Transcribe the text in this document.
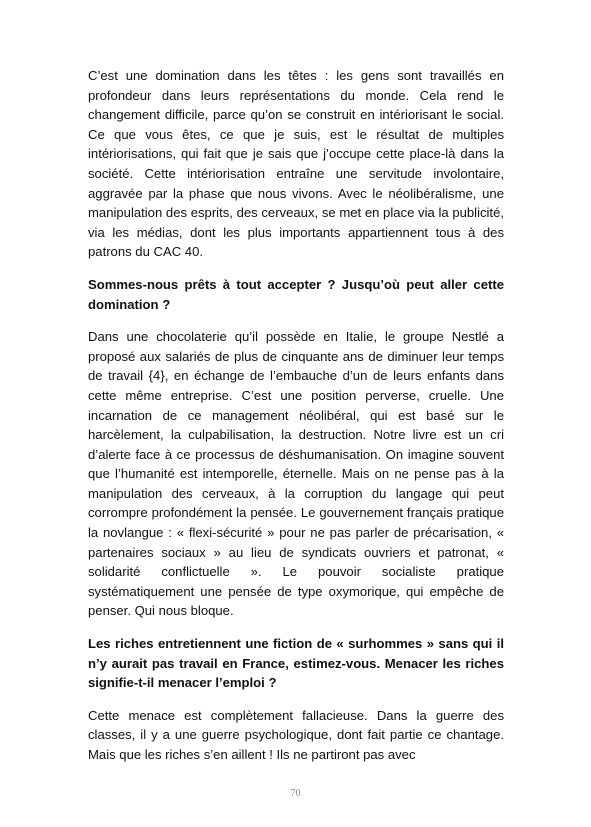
C’est une domination dans les têtes : les gens sont travaillés en profondeur dans leurs représentations du monde. Cela rend le changement difficile, parce qu’on se construit en intériorisant le social. Ce que vous êtes, ce que je suis, est le résultat de multiples intériorisations, qui fait que je sais que j’occupe cette place-là dans la société. Cette intériorisation entraîne une servitude involontaire, aggravée par la phase que nous vivons. Avec le néolibéralisme, une manipulation des esprits, des cerveaux, se met en place via la publicité, via les médias, dont les plus importants appartiennent tous à des patrons du CAC 40.

Sommes-nous prêts à tout accepter ? Jusqu’où peut aller cette domination ?

Dans une chocolaterie qu’il possède en Italie, le groupe Nestlé a proposé aux salariés de plus de cinquante ans de diminuer leur temps de travail {4}, en échange de l’embauche d’un de leurs enfants dans cette même entreprise. C’est une position perverse, cruelle. Une incarnation de ce management néolibéral, qui est basé sur le harcèlement, la culpabilisation, la destruction. Notre livre est un cri d’alerte face à ce processus de déshumanisation. On imagine souvent que l’humanité est intemporelle, éternelle. Mais on ne pense pas à la manipulation des cerveaux, à la corruption du langage qui peut corrompre profondément la pensée. Le gouvernement français pratique la novlangue : « flexi-sécurité » pour ne pas parler de précarisation, « partenaires sociaux » au lieu de syndicats ouvriers et patronat, « solidarité conflictuelle ». Le pouvoir socialiste pratique systématiquement une pensée de type oxymorique, qui empêche de penser. Qui nous bloque.

Les riches entretiennent une fiction de « surhommes » sans qui il n’y aurait pas travail en France, estimez-vous. Menacer les riches signifie-t-il menacer l’emploi ?

Cette menace est complètement fallacieuse. Dans la guerre des classes, il y a une guerre psychologique, dont fait partie ce chantage. Mais que les riches s’en aillent ! Ils ne partiront pas avec

70
